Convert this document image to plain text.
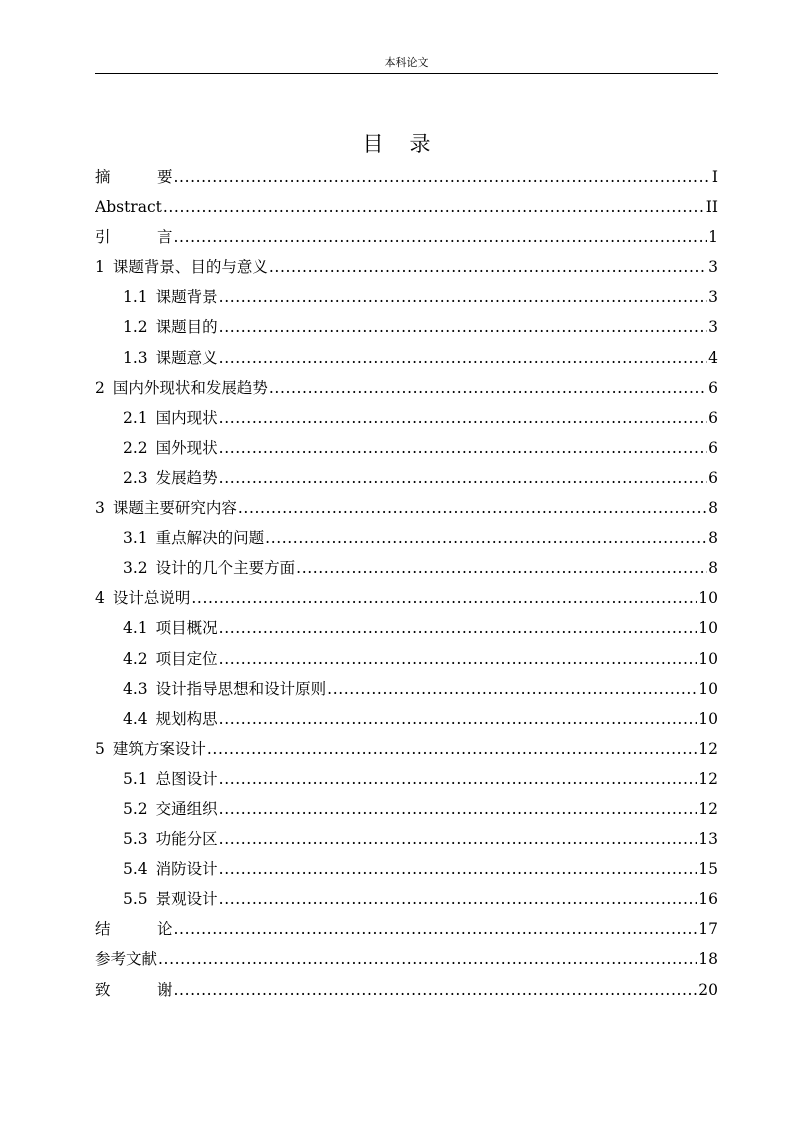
本科论文
目录
摘	要 .....	I
Abstract .....	II
引	言 .....	1
1 课题背景、目的与意义 .....	3
1.1 课题背景 .....	3
1.2 课题目的 .....	3
1.3 课题意义 .....	4
2 国内外现状和发展趋势 .....	6
2.1 国内现状 .....	6
2.2 国外现状 .....	6
2.3 发展趋势 .....	6
3 课题主要研究内容 .....	8
3.1 重点解决的问题 .....	8
3.2 设计的几个主要方面 .....	8
4 设计总说明 .....	10
4.1 项目概况 .....	10
4.2 项目定位 .....	10
4.3 设计指导思想和设计原则 .....	10
4.4 规划构思 .....	10
5 建筑方案设计 .....	12
5.1 总图设计 .....	12
5.2 交通组织 .....	12
5.3 功能分区 .....	13
5.4 消防设计 .....	15
5.5 景观设计 .....	16
结	论 .....	17
参考文献 .....	18
致	谢 .....	20
